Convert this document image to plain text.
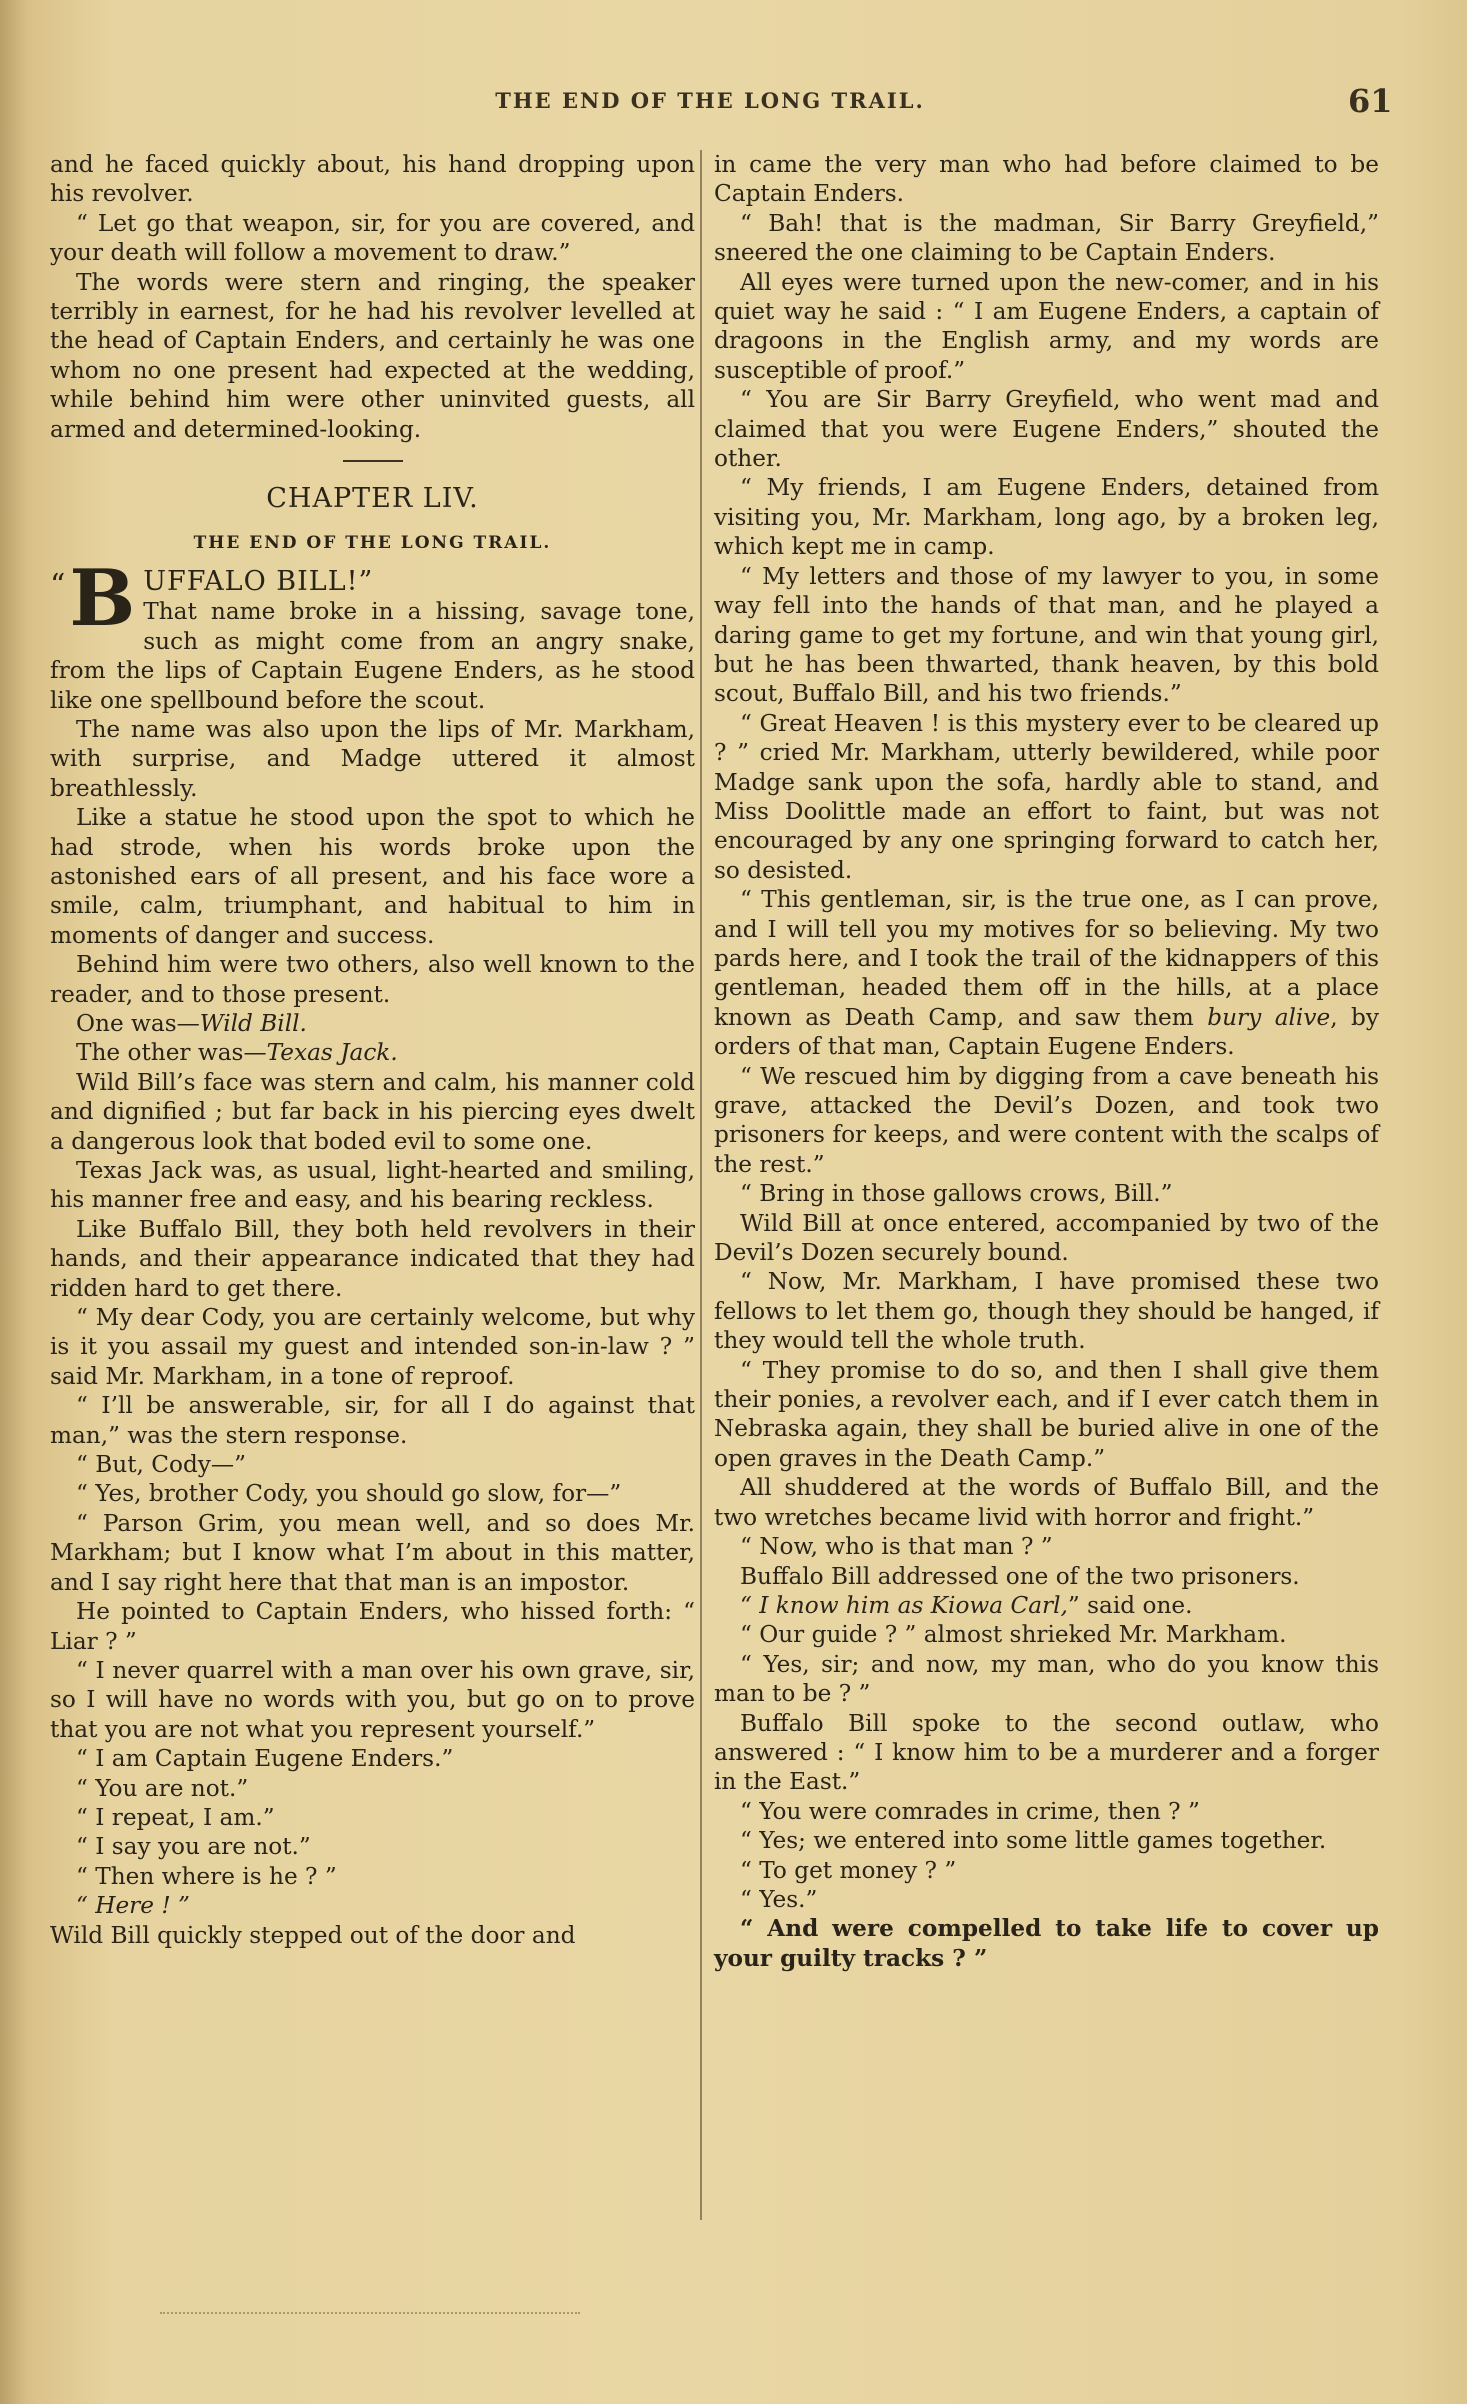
THE END OF THE LONG TRAIL.	61

and he faced quickly about, his hand dropping upon his revolver.

“ Let go that weapon, sir, for you are covered, and your death will follow a movement to draw.”

The words were stern and ringing, the speaker terribly in earnest, for he had his revolver levelled at the head of Captain Enders, and certainly he was one whom no one present had expected at the wedding, while behind him were other uninvited guests, all armed and determined-looking.

CHAPTER LIV.
THE END OF THE LONG TRAIL.
“ B UFFALO BILL!”
That name broke in a hissing, savage tone, such as might come from an angry snake, from the lips of Captain Eugene Enders, as he stood like one spellbound before the scout.

The name was also upon the lips of Mr. Markham, with surprise, and Madge uttered it almost breathlessly.

Like a statue he stood upon the spot to which he had strode, when his words broke upon the astonished ears of all present, and his face wore a smile, calm, triumphant, and habitual to him in moments of danger and success.

Behind him were two others, also well known to the reader, and to those present.

One was—Wild Bill.

The other was—Texas Jack.

Wild Bill’s face was stern and calm, his manner cold and dignified ; but far back in his piercing eyes dwelt a dangerous look that boded evil to some one.

Texas Jack was, as usual, light-hearted and smiling, his manner free and easy, and his bearing reckless.

Like Buffalo Bill, they both held revolvers in their hands, and their appearance indicated that they had ridden hard to get there.

“ My dear Cody, you are certainly welcome, but why is it you assail my guest and intended son-in-law ? ” said Mr. Markham, in a tone of reproof.

“ I’ll be answerable, sir, for all I do against that man,” was the stern response.

“ But, Cody—”

“ Yes, brother Cody, you should go slow, for—”

“ Parson Grim, you mean well, and so does Mr. Markham; but I know what I’m about in this matter, and I say right here that that man is an impostor.

He pointed to Captain Enders, who hissed forth: “ Liar ? ”

“ I never quarrel with a man over his own grave, sir, so I will have no words with you, but go on to prove that you are not what you represent yourself.”

“ I am Captain Eugene Enders.”

“ You are not.”

“ I repeat, I am.”

“ I say you are not.”

“ Then where is he ? ”

“ Here ! ”

Wild Bill quickly stepped out of the door and

in came the very man who had before claimed to be Captain Enders.

“ Bah! that is the madman, Sir Barry Greyfield,” sneered the one claiming to be Captain Enders.

All eyes were turned upon the new-comer, and in his quiet way he said : “ I am Eugene Enders, a captain of dragoons in the English army, and my words are susceptible of proof.”

“ You are Sir Barry Greyfield, who went mad and claimed that you were Eugene Enders,” shouted the other.

“ My friends, I am Eugene Enders, detained from visiting you, Mr. Markham, long ago, by a broken leg, which kept me in camp.

“ My letters and those of my lawyer to you, in some way fell into the hands of that man, and he played a daring game to get my fortune, and win that young girl, but he has been thwarted, thank heaven, by this bold scout, Buffalo Bill, and his two friends.”

“ Great Heaven ! is this mystery ever to be cleared up ? ” cried Mr. Markham, utterly bewildered, while poor Madge sank upon the sofa, hardly able to stand, and Miss Doolittle made an effort to faint, but was not encouraged by any one springing forward to catch her, so desisted.

“ This gentleman, sir, is the true one, as I can prove, and I will tell you my motives for so believing. My two pards here, and I took the trail of the kidnappers of this gentleman, headed them off in the hills, at a place known as Death Camp, and saw them bury alive, by orders of that man, Captain Eugene Enders.

“ We rescued him by digging from a cave beneath his grave, attacked the Devil’s Dozen, and took two prisoners for keeps, and were content with the scalps of the rest.”

“ Bring in those gallows crows, Bill.”

Wild Bill at once entered, accompanied by two of the Devil’s Dozen securely bound.

“ Now, Mr. Markham, I have promised these two fellows to let them go, though they should be hanged, if they would tell the whole truth.

“ They promise to do so, and then I shall give them their ponies, a revolver each, and if I ever catch them in Nebraska again, they shall be buried alive in one of the open graves in the Death Camp.”

All shuddered at the words of Buffalo Bill, and the two wretches became livid with horror and fright.”

“ Now, who is that man ? ”

Buffalo Bill addressed one of the two prisoners.

“ I know him as Kiowa Carl,” said one.

“ Our guide ? ” almost shrieked Mr. Markham.

“ Yes, sir; and now, my man, who do you know this man to be ? ”

Buffalo Bill spoke to the second outlaw, who answered : “ I know him to be a murderer and a forger in the East.”

“ You were comrades in crime, then ? ”

“ Yes; we entered into some little games together.

“ To get money ? ”

“ Yes.”

“ And were compelled to take life to cover up your guilty tracks ? ”
